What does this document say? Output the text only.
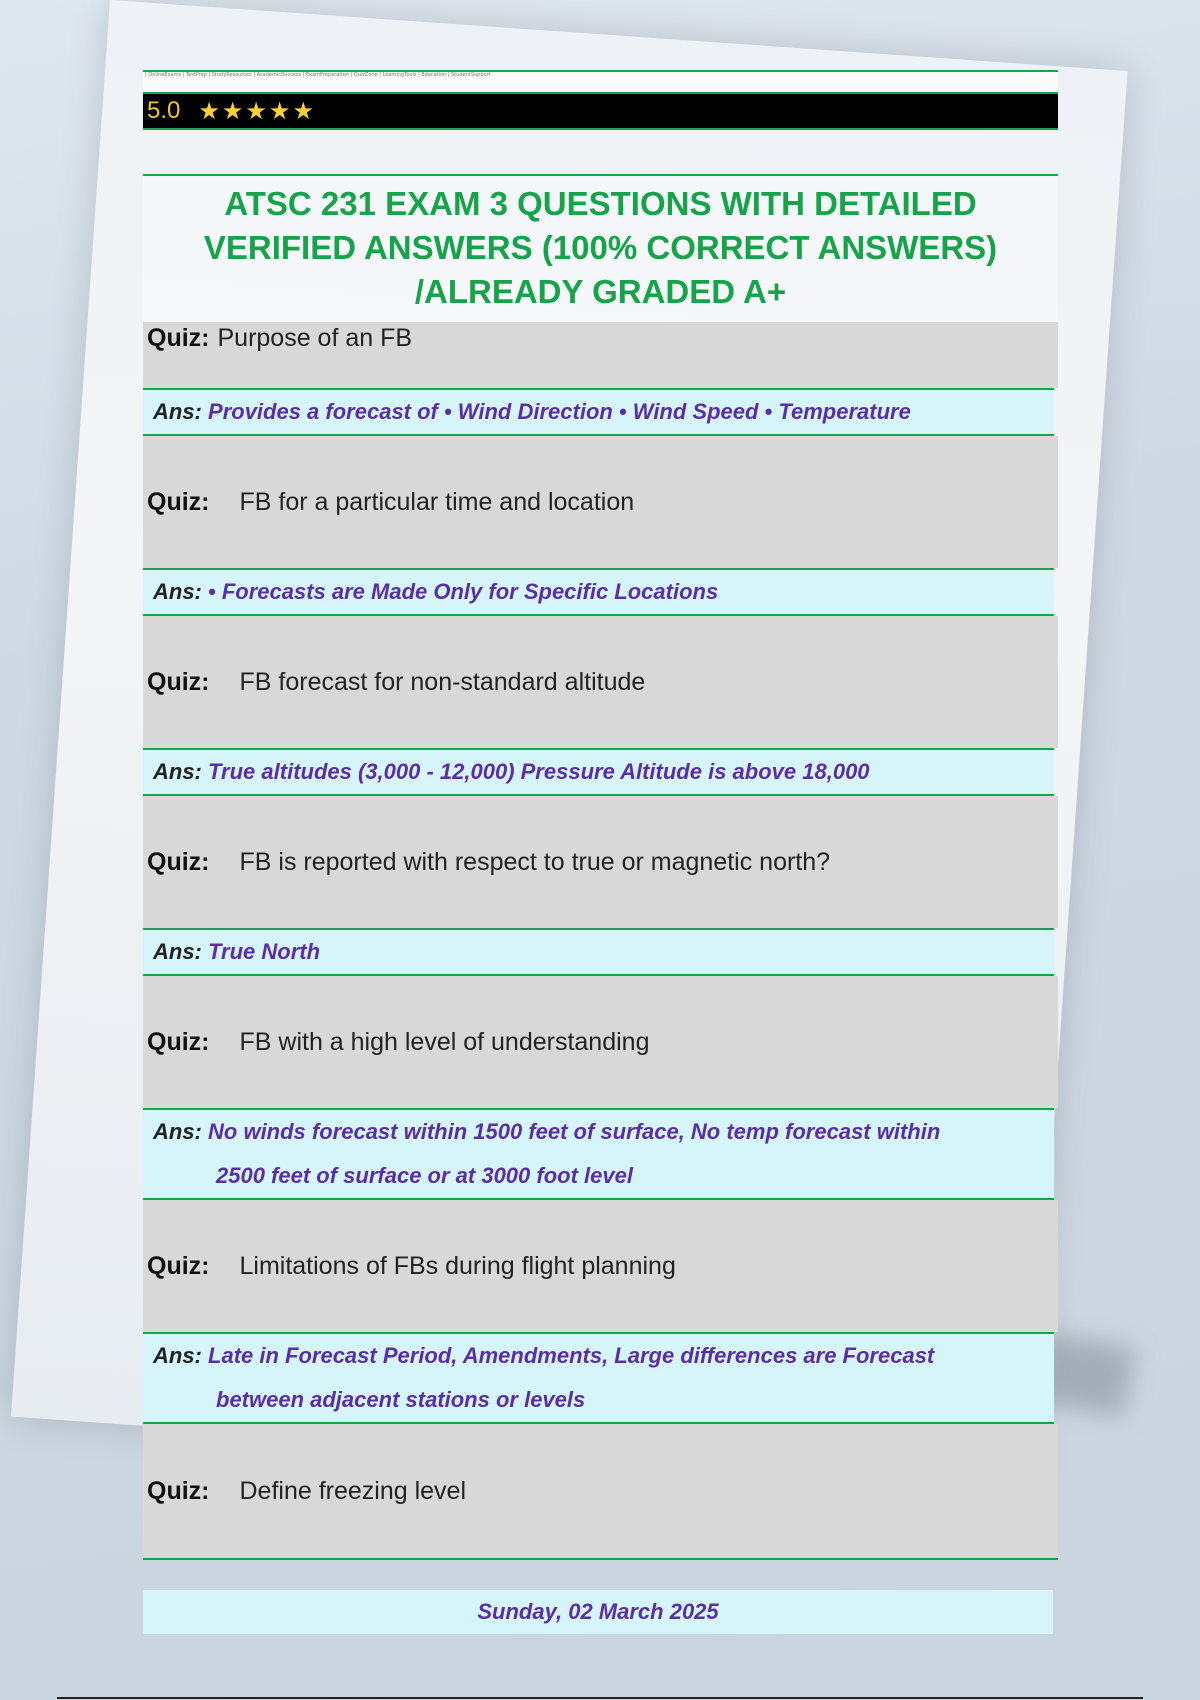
| OnlineExams | TestPrep | StudyResources | AcademicSuccess | ExamPreparation | QuizZone | LearningTools | Education | StudentSupport
5.0 ★★★★★
ATSC 231 EXAM 3 QUESTIONS WITH DETAILED VERIFIED ANSWERS (100% CORRECT ANSWERS) /ALREADY GRADED A+
Quiz: Purpose of an FB
Ans: Provides a forecast of • Wind Direction • Wind Speed • Temperature
Quiz: FB for a particular time and location
Ans: • Forecasts are Made Only for Specific Locations
Quiz: FB forecast for non-standard altitude
Ans: True altitudes (3,000 - 12,000) Pressure Altitude is above 18,000
Quiz: FB is reported with respect to true or magnetic north?
Ans: True North
Quiz: FB with a high level of understanding
Ans: No winds forecast within 1500 feet of surface, No temp forecast within
2500 feet of surface or at 3000 foot level
Quiz: Limitations of FBs during flight planning
Ans: Late in Forecast Period, Amendments, Large differences are Forecast
between adjacent stations or levels
Quiz: Define freezing level
Sunday, 02 March 2025
